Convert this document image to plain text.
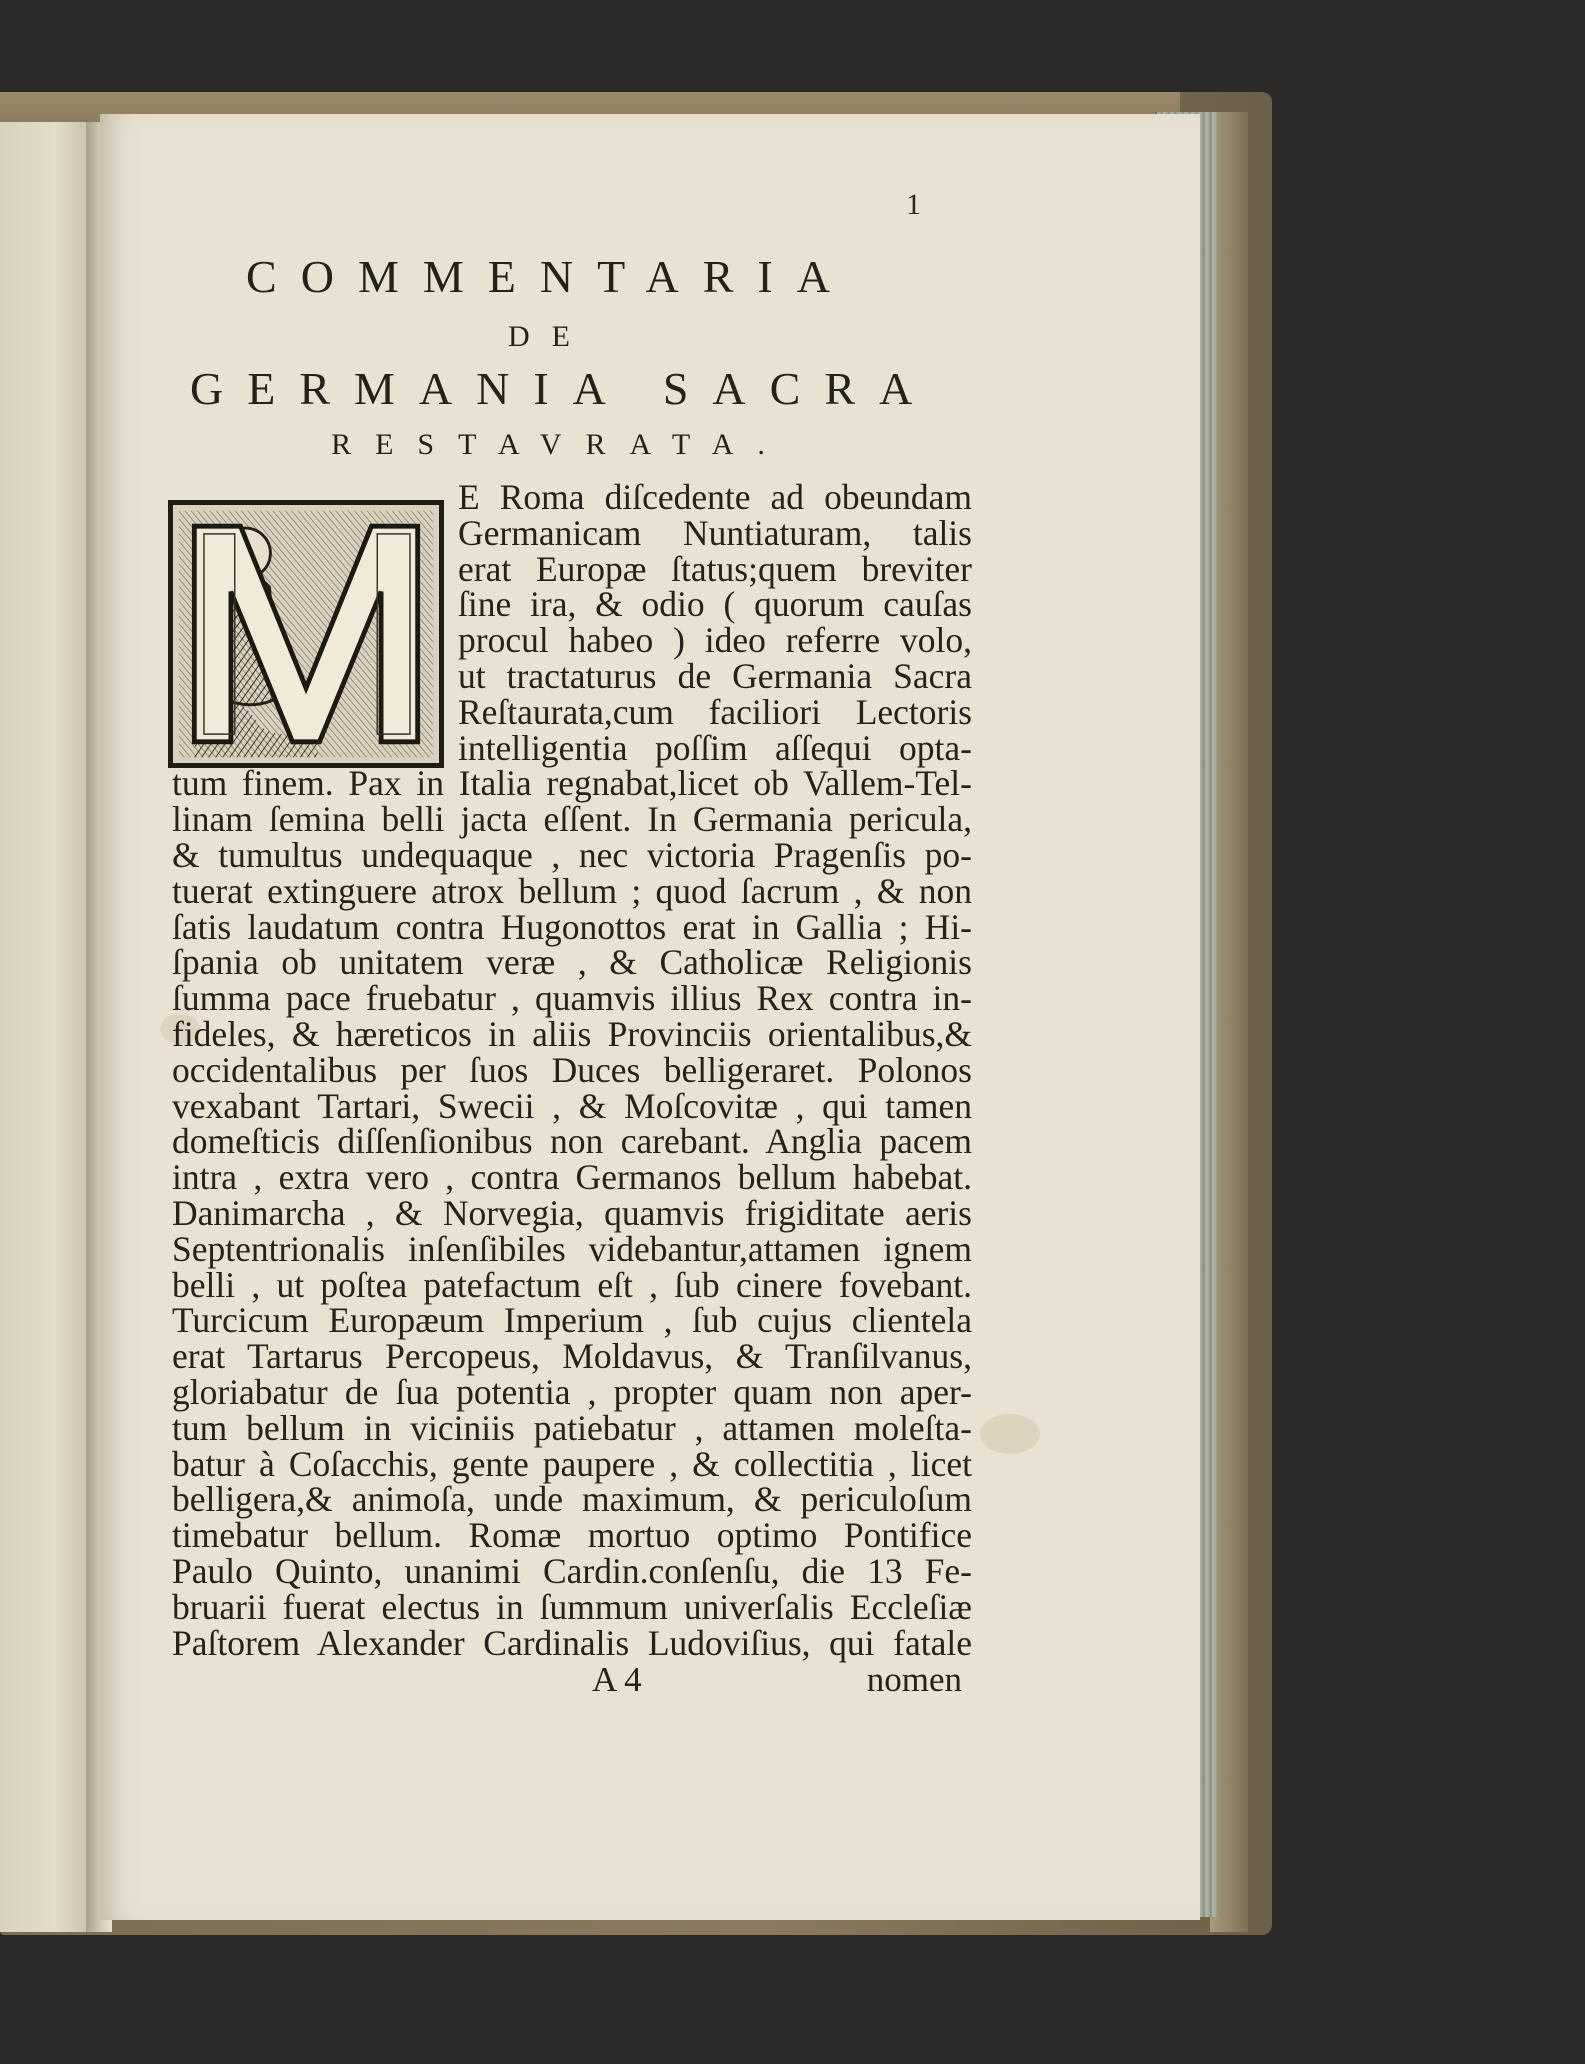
1
COMMENTARIA
DE
GERMANIA SACRA
RESTAVRATA.
E Roma diſcedente ad obeundam
Germanicam Nuntiaturam, talis
erat Europæ ſtatus;quem breviter
ſine ira, & odio ( quorum cauſas
procul habeo ) ideo referre volo,
ut tractaturus de Germania Sacra
Reſtaurata,cum faciliori Lectoris
intelligentia poſſim aſſequi opta-
tum finem. Pax in Italia regnabat,licet ob Vallem-Tel-
linam ſemina belli jacta eſſent. In Germania pericula,
& tumultus undequaque , nec victoria Pragenſis po-
tuerat extinguere atrox bellum ; quod ſacrum , & non
ſatis laudatum contra Hugonottos erat in Gallia ; Hi-
ſpania ob unitatem veræ , & Catholicæ Religionis
ſumma pace fruebatur , quamvis illius Rex contra in-
fideles, & hæreticos in aliis Provinciis orientalibus,&
occidentalibus per ſuos Duces belligeraret. Polonos
vexabant Tartari, Swecii , & Moſcovitæ , qui tamen
domeſticis diſſenſionibus non carebant. Anglia pacem
intra , extra vero , contra Germanos bellum habebat.
Danimarcha , & Norvegia, quamvis frigiditate aeris
Septentrionalis inſenſibiles videbantur,attamen ignem
belli , ut poſtea patefactum eſt , ſub cinere fovebant.
Turcicum Europæum Imperium , ſub cujus clientela
erat Tartarus Percopeus, Moldavus, & Tranſilvanus,
gloriabatur de ſua potentia , propter quam non aper-
tum bellum in viciniis patiebatur , attamen moleſta-
batur à Coſacchis, gente paupere , & collectitia , licet
belligera,& animoſa, unde maximum, & periculoſum
timebatur bellum. Romæ mortuo optimo Pontifice
Paulo Quinto, unanimi Cardin.conſenſu, die 13 Fe-
bruarii fuerat electus in ſummum univerſalis Eccleſiæ
Paſtorem Alexander Cardinalis Ludoviſius, qui fatale
A 4	nomen
